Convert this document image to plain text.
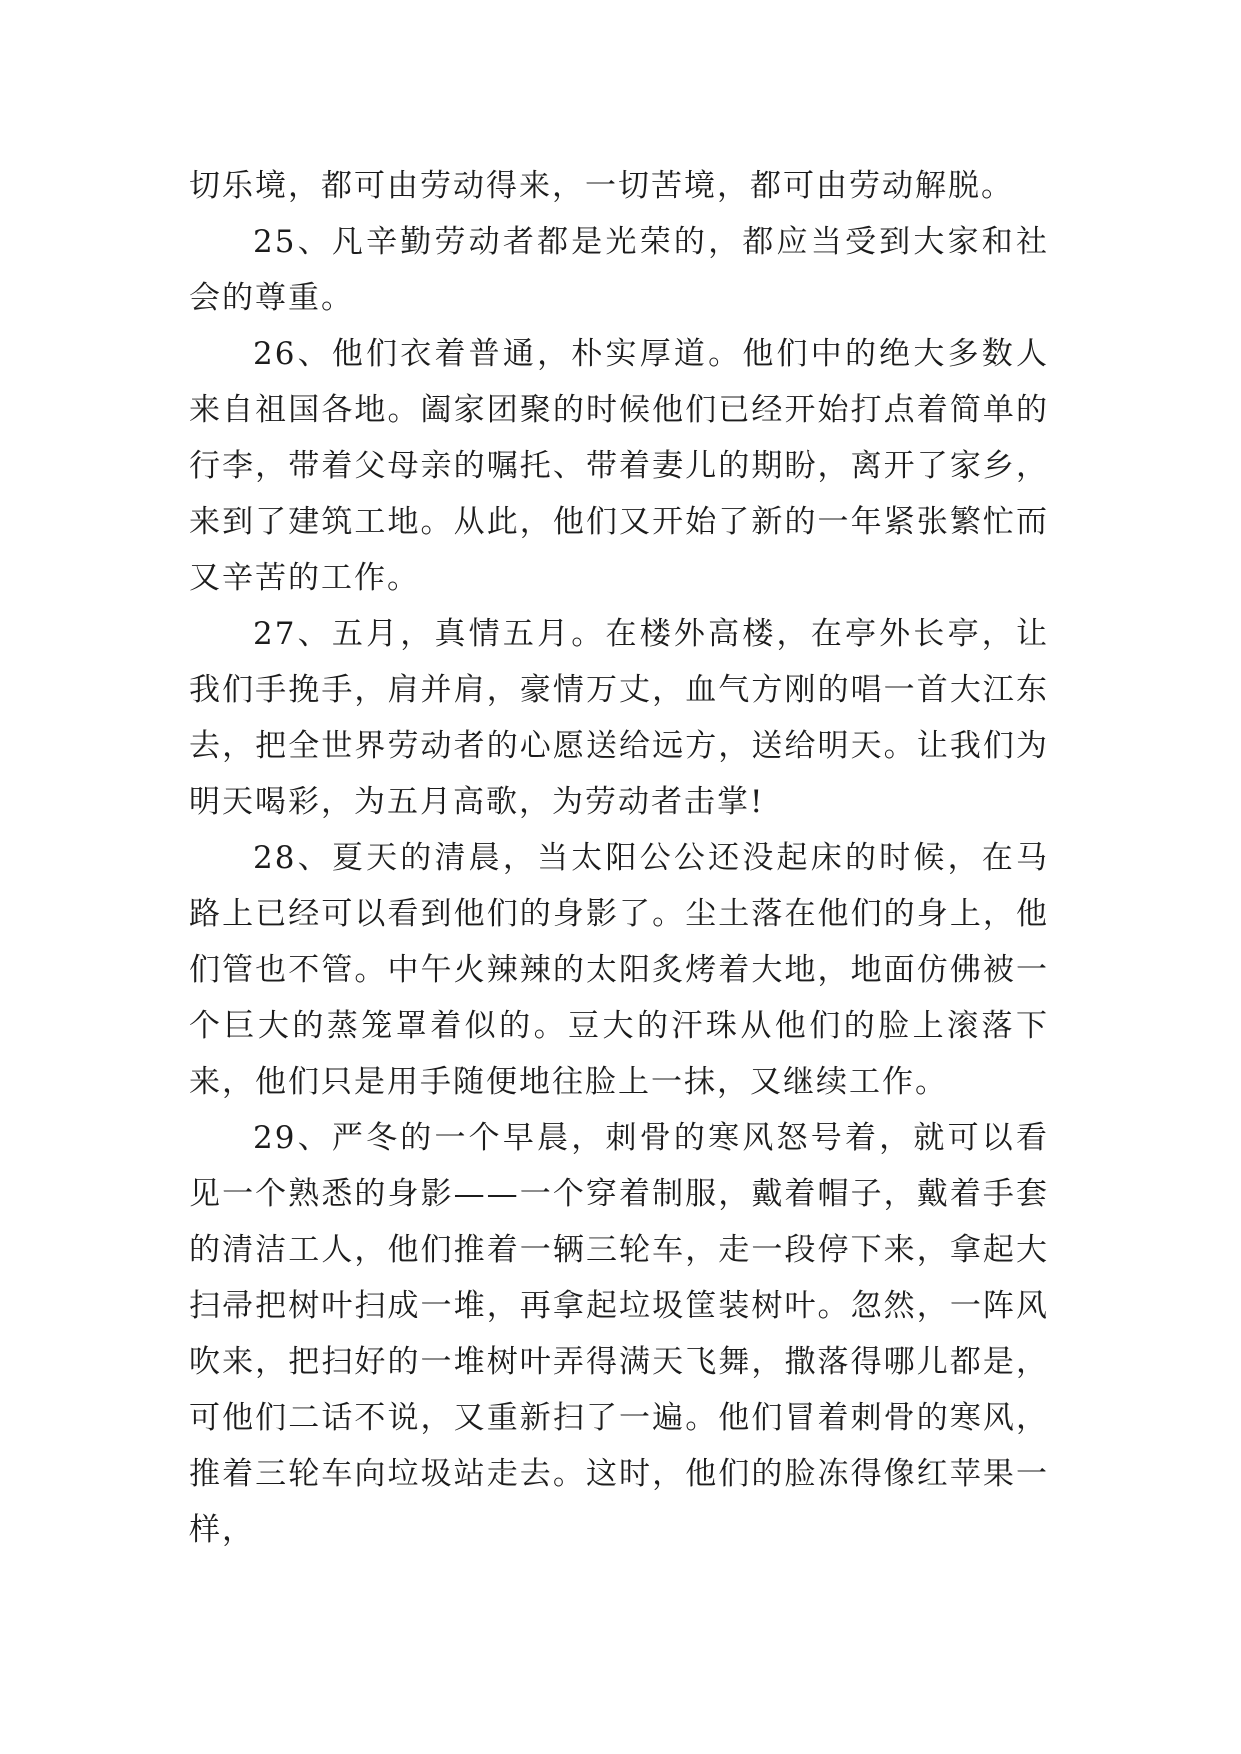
切乐境，都可由劳动得来，一切苦境，都可由劳动解脱。

25、凡辛勤劳动者都是光荣的，都应当受到大家和社会的尊重。

26、他们衣着普通，朴实厚道。他们中的绝大多数人来自祖国各地。阖家团聚的时候他们已经开始打点着简单的行李，带着父母亲的嘱托、带着妻儿的期盼，离开了家乡，来到了建筑工地。从此，他们又开始了新的一年紧张繁忙而又辛苦的工作。

27、五月，真情五月。在楼外高楼，在亭外长亭，让我们手挽手，肩并肩，豪情万丈，血气方刚的唱一首大江东去，把全世界劳动者的心愿送给远方，送给明天。让我们为明天喝彩，为五月高歌，为劳动者击掌!

28、夏天的清晨，当太阳公公还没起床的时候，在马路上已经可以看到他们的身影了。尘土落在他们的身上，他们管也不管。中午火辣辣的太阳炙烤着大地，地面仿佛被一个巨大的蒸笼罩着似的。豆大的汗珠从他们的脸上滚落下来，他们只是用手随便地往脸上一抹，又继续工作。

29、严冬的一个早晨，刺骨的寒风怒号着，就可以看见一个熟悉的身影——一个穿着制服，戴着帽子，戴着手套的清洁工人，他们推着一辆三轮车，走一段停下来，拿起大扫帚把树叶扫成一堆，再拿起垃圾筐装树叶。忽然，一阵风吹来，把扫好的一堆树叶弄得满天飞舞，撒落得哪儿都是，可他们二话不说，又重新扫了一遍。他们冒着刺骨的寒风，推着三轮车向垃圾站走去。这时，他们的脸冻得像红苹果一样，
